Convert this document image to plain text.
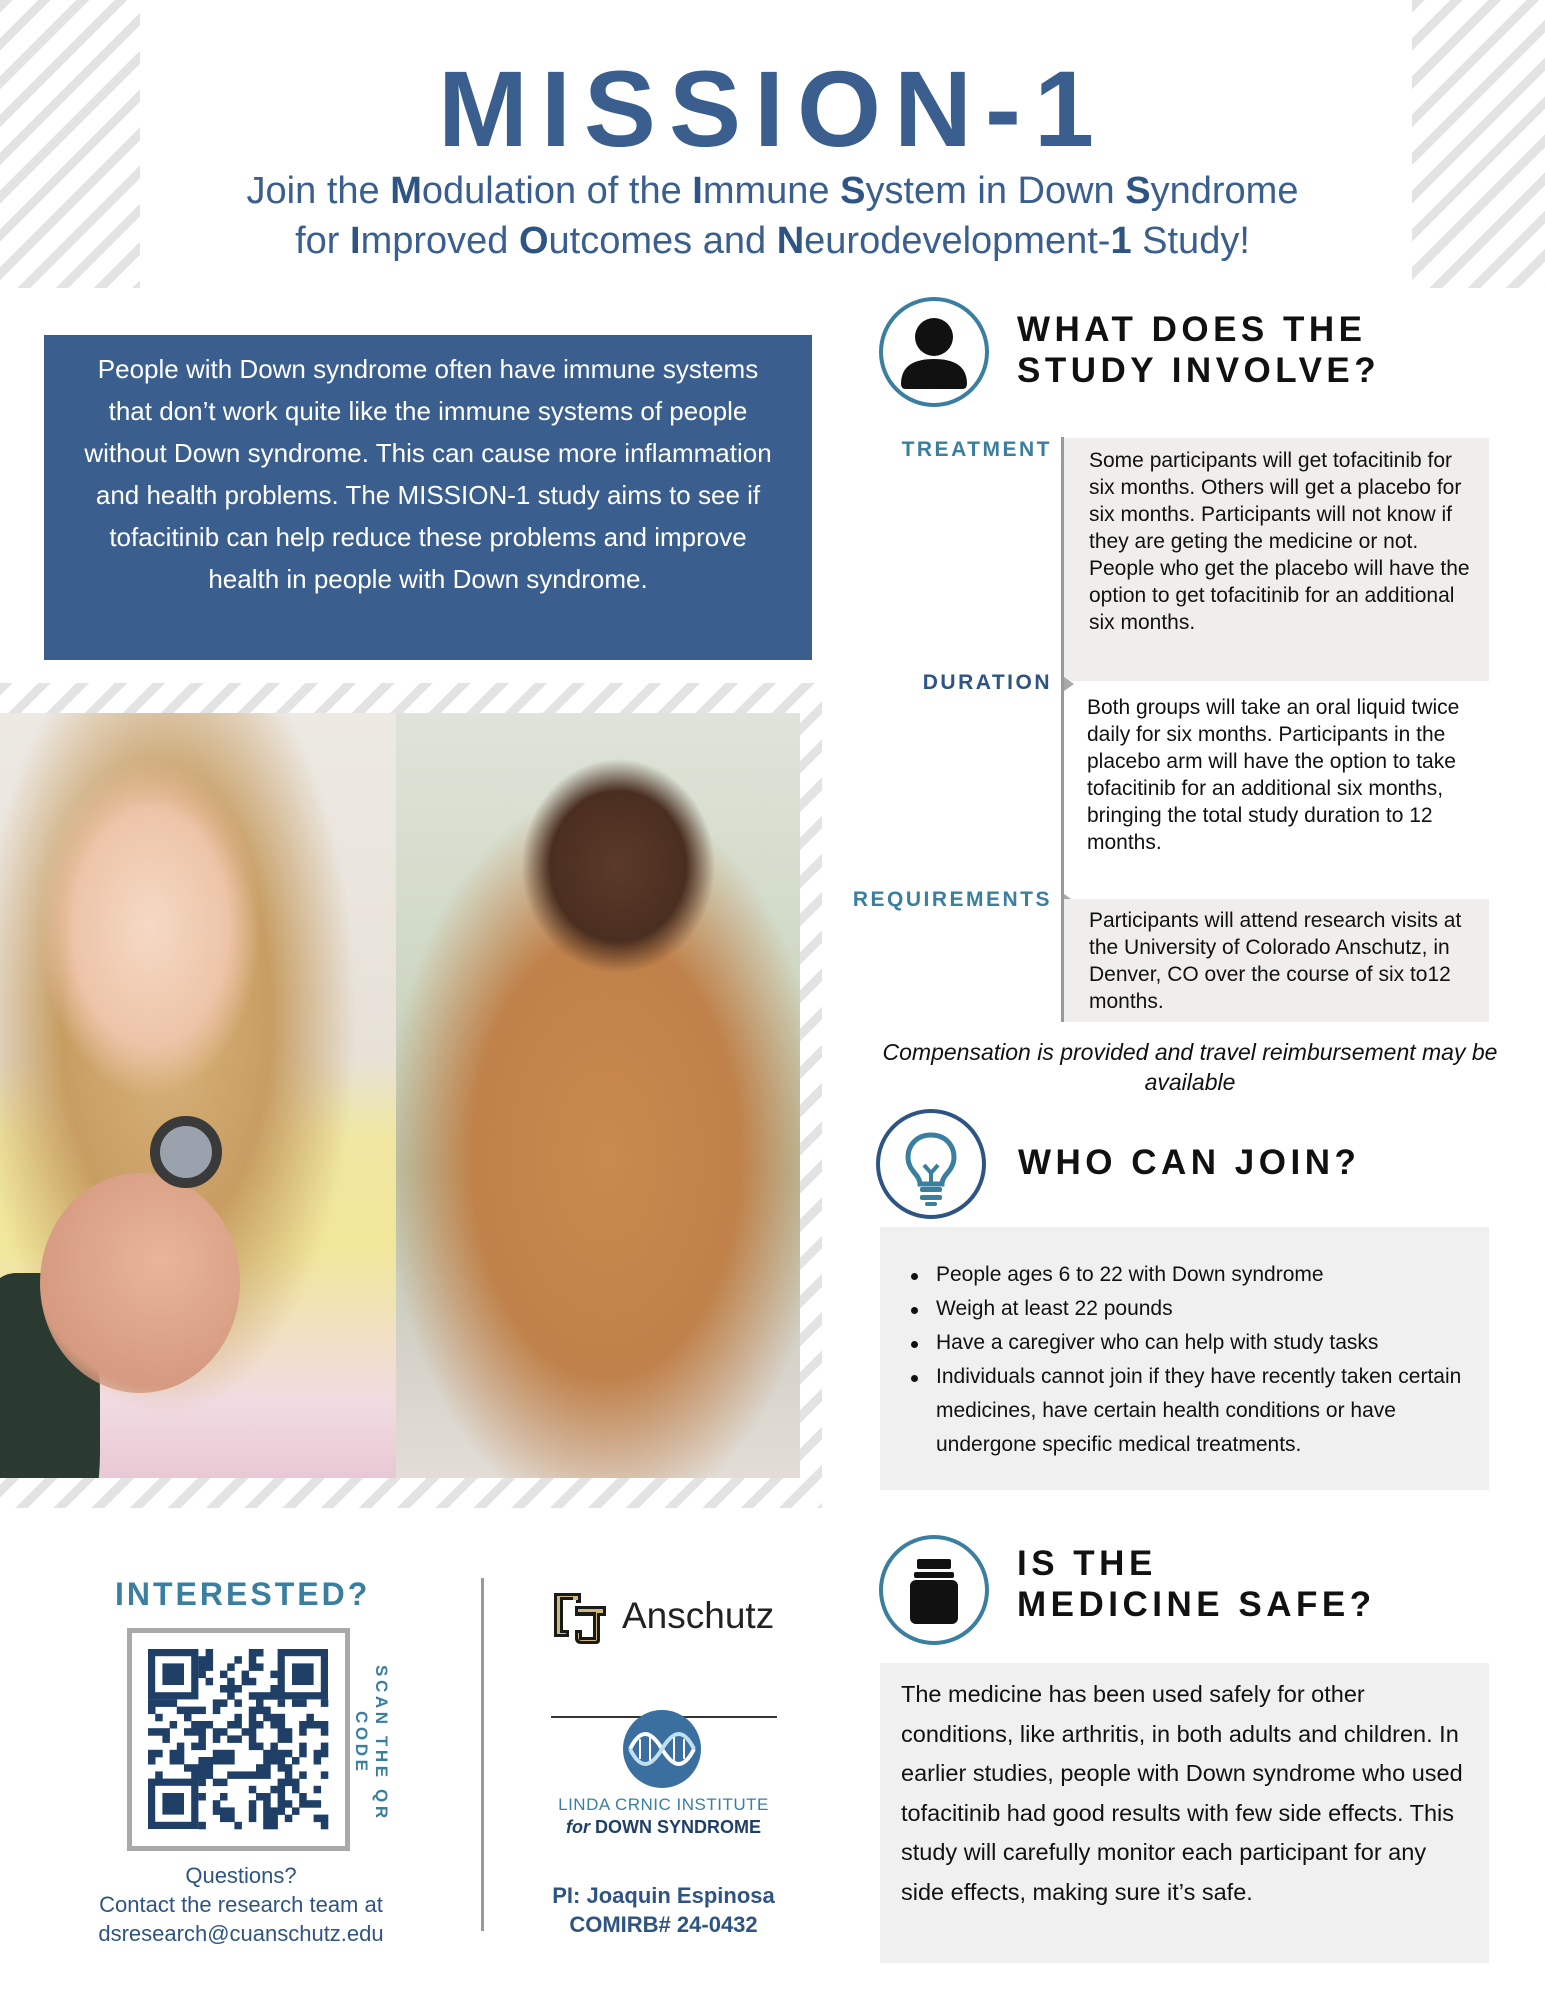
MISSION-1
Join the Modulation of the Immune System in Down Syndrome
for Improved Outcomes and Neurodevelopment-1 Study!
People with Down syndrome often have immune systems that don’t work quite like the immune systems of people without Down syndrome. This can cause more inflammation and health problems. The MISSION-1 study aims to see if tofacitinib can help reduce these problems and improve health in people with Down syndrome.
WHAT DOES THE
STUDY INVOLVE?
TREATMENT	Some participants will get tofacitinib for six months. Others will get a placebo for six months. Participants will not know if they are geting the medicine or not. People who get the placebo will have the option to get tofacitinib for an additional six months.
DURATION
Both groups will take an oral liquid twice daily for six months. Participants in the placebo arm will have the option to take tofacitinib for an additional six months, bringing the total study duration to 12 months.
REQUIREMENTS
Participants will attend research visits at the University of Colorado Anschutz, in Denver, CO over the course of six to12 months.
Compensation is provided and travel reimbursement may be available
WHO CAN JOIN?
People ages 6 to 22 with Down syndrome
Weigh at least 22 pounds
Have a caregiver who can help with study tasks
Individuals cannot join if they have recently taken certain medicines, have certain health conditions or have undergone specific medical treatments.
IS THE
MEDICINE SAFE?
The medicine has been used safely for other conditions, like arthritis, in both adults and children. In earlier studies, people with Down syndrome who used tofacitinib had good results with few side effects. This study will carefully monitor each participant for any side effects, making sure it’s safe.
INTERESTED?
SCAN THE QR CODE
Questions?
Contact the research team at
dsresearch@cuanschutz.edu
Anschutz
LINDA CRNIC INSTITUTE
for DOWN SYNDROME
PI: Joaquin Espinosa
COMIRB# 24-0432
